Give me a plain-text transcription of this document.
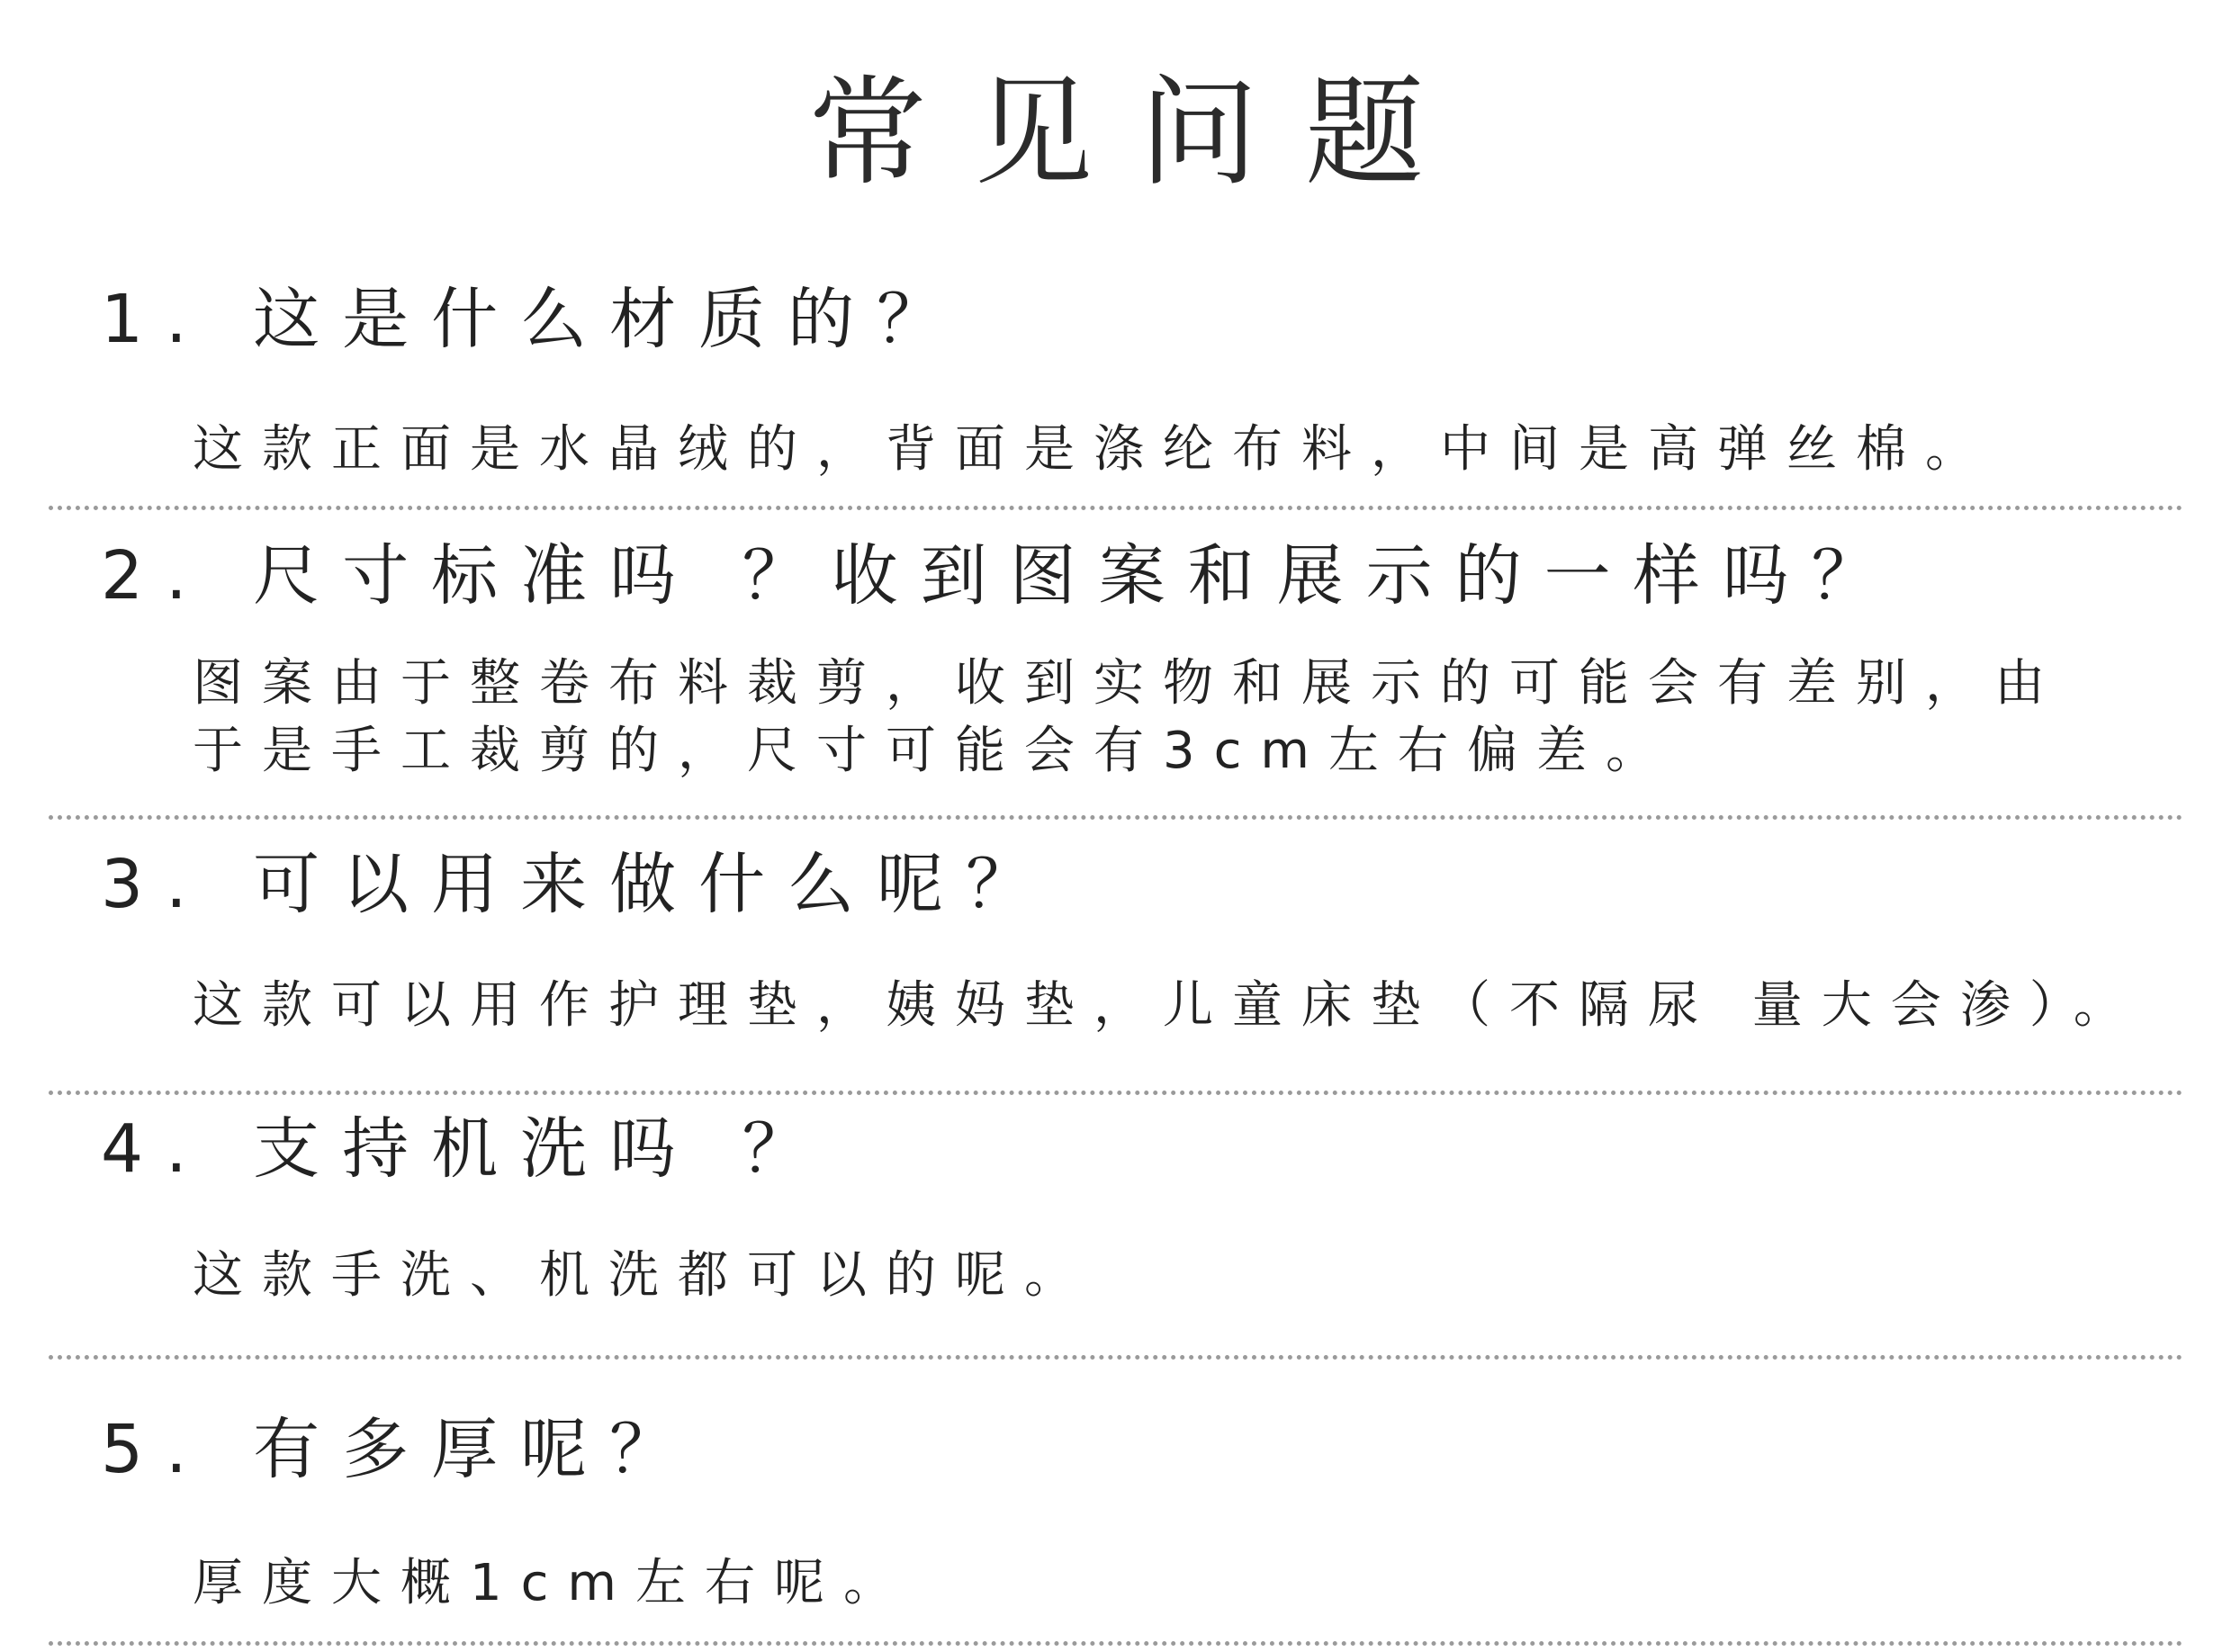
常见问题
1. 这是什么材质的？
这款正面是水晶绒的，背面是涤纶布料，中间是高弹丝棉。
2. 尺寸标准吗 ？收到图案和展示的一样吗？
图案由于整卷布料裁剪，收到实物和展示的可能会有差别，由
于是手工裁剪的，尺寸可能会有3cm左右偏差。
3. 可以用来做什么呢？
这款可以用作护理垫，姨妈垫，儿童床垫（不隔尿 量大会渗）。
4. 支持机洗吗 ？
这款手洗、机洗都可以的呢。
5. 有多厚呢？
厚度大概1cm左右呢。
